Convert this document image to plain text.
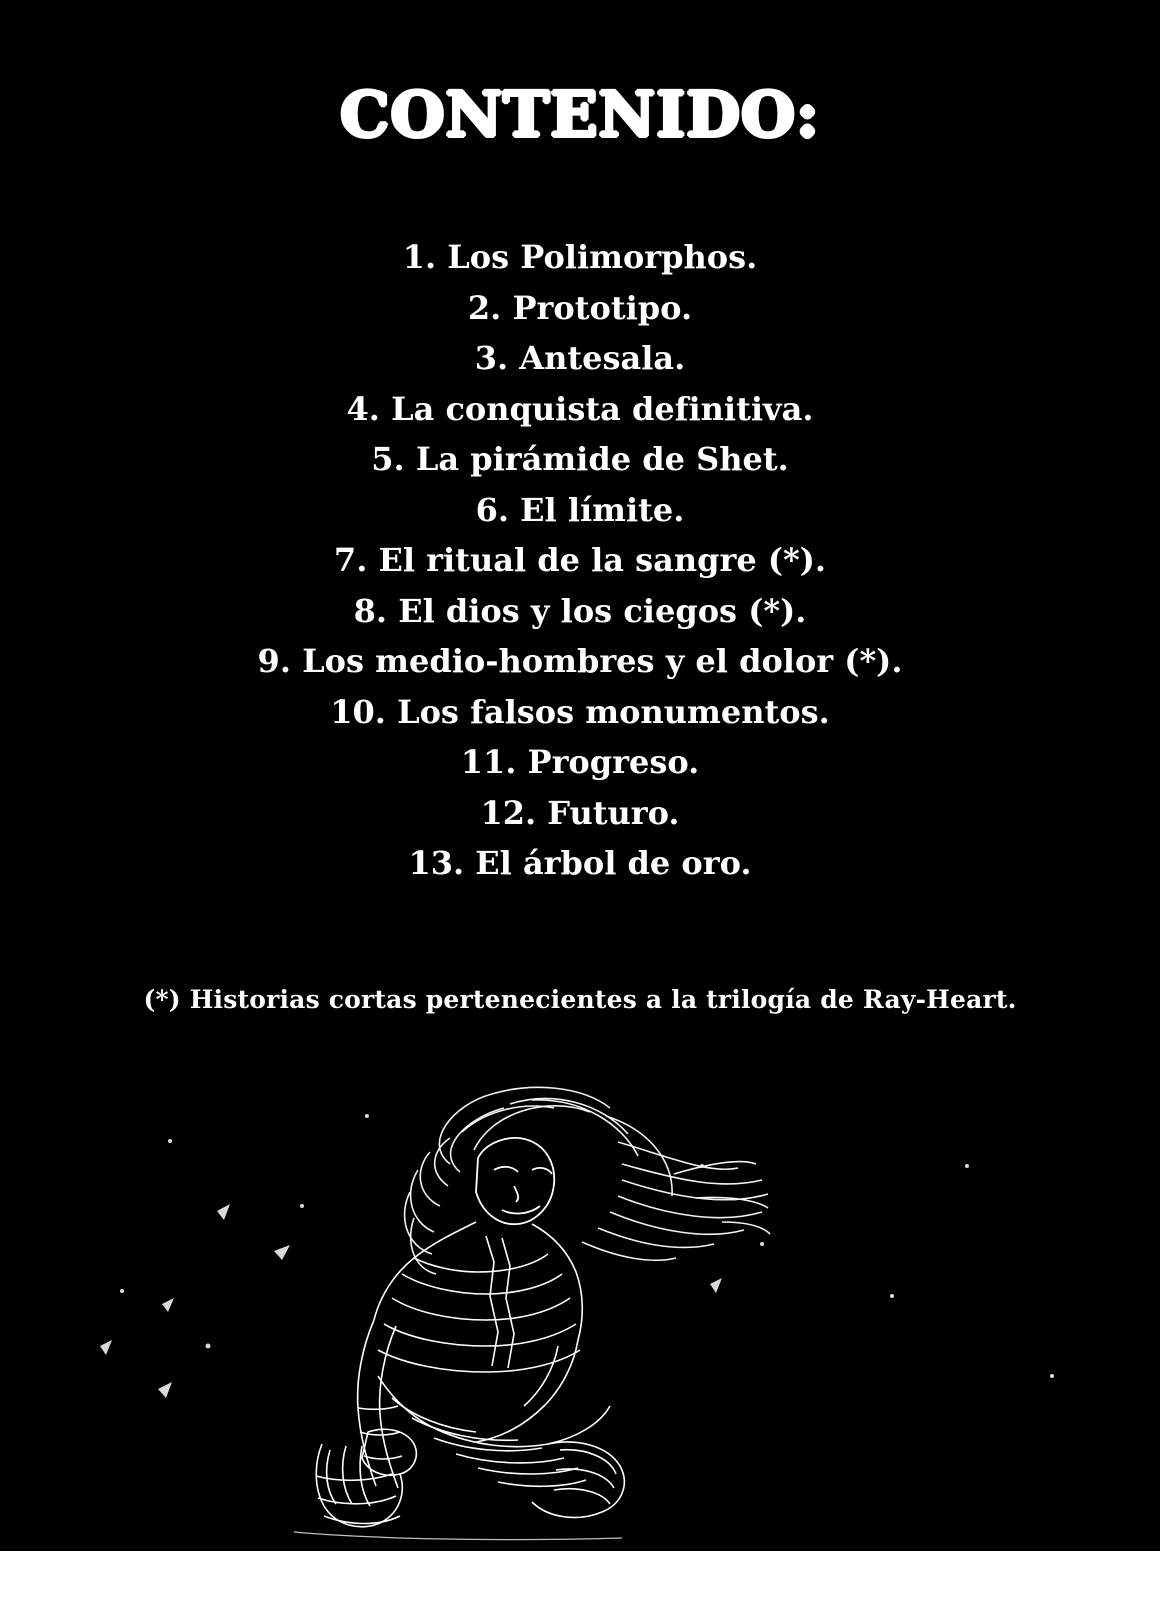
CONTENIDO:
1. Los Polimorphos.
2. Prototipo.
3. Antesala.
4. La conquista definitiva.
5. La pirámide de Shet.
6. El límite.
7. El ritual de la sangre (*).
8. El dios y los ciegos (*).
9. Los medio-hombres y el dolor (*).
10. Los falsos monumentos.
11. Progreso.
12. Futuro.
13. El árbol de oro.
(*) Historias cortas pertenecientes a la trilogía de Ray-Heart.
